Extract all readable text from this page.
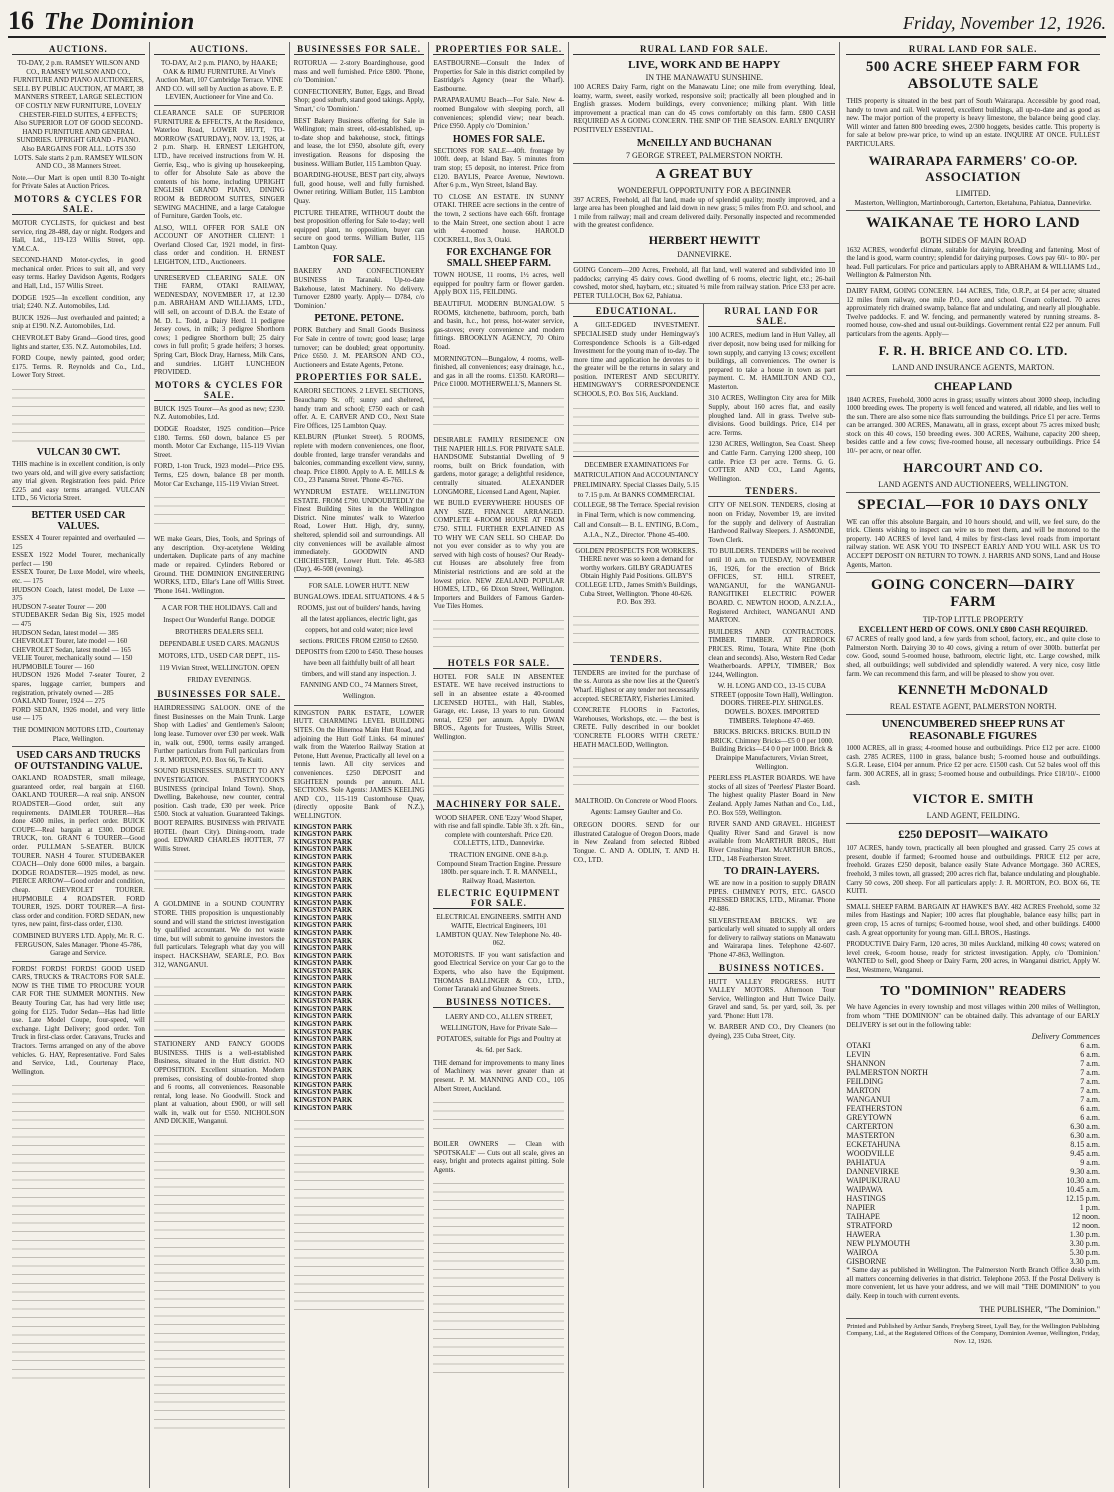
16 The Dominion	Friday, November 12, 1926.
AUCTIONS.

TO-DAY, 2 p.m. RAMSEY WILSON AND CO., RAMSEY WILSON AND CO., FURNITURE AND PIANO AUCTIONEERS, SELL BY PUBLIC AUCTION, AT MART, 38 MANNERS STREET, LARGE SELECTION OF COSTLY NEW FURNITURE, LOVELY CHESTER-FIELD SUITES, 4 EFFECTS; Also SUPERIOR LOT OF GOOD SECOND-HAND FURNITURE AND GENERAL SUNDRIES. UPRIGHT GRAND - PIANO. Also BARGAINS FOR ALL. LOTS 350 LOTS. Sale starts 2 p.m. RAMSEY WILSON AND CO., 38 Manners Street.

Note.—Our Mart is open until 8.30 To-night for Private Sales at Auction Prices.

MOTORS & CYCLES FOR SALE.

MOTOR CYCLISTS, for quickest and best service, ring 28-488, day or night. Rodgers and Hall, Ltd., 119-123 Willis Street, opp. Y.M.C.A.

SECOND-HAND Motor-cycles, in good mechanical order. Prices to suit all, and very easy terms. Harley Davidson Agents, Rodgers and Hall, Ltd., 157 Willis Street.

DODGE 1925—In excellent condition, any trial; £240. N.Z. Automobiles, Ltd.

BUICK 1926—Just overhauled and painted; a snip at £190. N.Z. Automobiles, Ltd.

CHEVROLET Baby Grand—Good tires, good lights and starter, £35. N.Z. Automobiles, Ltd.

FORD Coupe, newly painted, good order; £175. Terms. R. Reynolds and Co., Ltd., Lower Tory Street.

VULCAN 30 CWT.

THIS machine is in excellent condition, is only two years old, and will give every satisfaction; any trial given. Registration fees paid. Price £225 and easy terms arranged. VULCAN LTD., 56 Victoria Street.

BETTER USED CAR VALUES.
ESSEX 4 Tourer repainted and overhauled — 125
ESSEX 1922 Model Tourer, mechanically perfect — 190
ESSEX Tourer, De Luxe Model, wire wheels, etc. — 175
HUDSON Coach, latest model, De Luxe — 375
HUDSON 7-seater Tourer — 200
STUDEBAKER Sedan Big Six, 1925 model — 475
HUDSON Sedan, latest model — 385
CHEVROLET Tourer, late model — 160
CHEVROLET Sedan, latest model — 165
VELIE Tourer, mechanically sound — 150
HUPMOBILE Tourer — 160
HUDSON 1926 Model 7-seater Tourer, 2 spares, luggage carrier, bumpers and registration, privately owned — 285
OAKLAND Tourer, 1924 — 275
FORD SEDAN, 1926 model, and very little use — 175

THE DOMINION MOTORS LTD., Courtenay Place, Wellington.

USED CARS AND TRUCKS OF OUTSTANDING VALUE.

OAKLAND ROADSTER, small mileage, guaranteed order, real bargain at £160. OAKLAND TOURER—A real snip. ANSON ROADSTER—Good order, suit any requirements. DAIMLER TOURER—Has done 4500 miles, in perfect order. BUICK COUPE—Real bargain at £300. DODGE TRUCK, ton. GRANT 6 TOURER—Good order. PULLMAN 5-SEATER. BUICK TOURER. NASH 4 Tourer. STUDEBAKER COACH—Only done 6000 miles, a bargain. DODGE ROADSTER—1925 model, as new. PIERCE ARROW—Good order and condition, cheap. CHEVROLET TOURER. HUPMOBILE 4 ROADSTER. FORD TOURER, 1925. DORT TOURER—A first-class order and condition. FORD SEDAN, new tyres, new paint, first-class order, £130.

COMBINED BUYERS LTD. Apply, Mr. R. C. FERGUSON, Sales Manager. 'Phone 45-786, Garage and Service.

FORDS! FORDS! FORDS! GOOD USED CARS, TRUCKS & TRACTORS FOR SALE. NOW IS THE TIME TO PROCURE YOUR CAR FOR THE SUMMER MONTHS. New Beauty Touring Car, has had very little use; going for £125. Tudor Sedan—Has had little use. Late Model Coupe, four-speed, will exchange. Light Delivery; good order. Ton Truck in first-class order. Caravans, Trucks and Tractors. Terms arranged on any of the above vehicles. G. HAY, Representative. Ford Sales and Service, Ltd., Courtenay Place, Wellington.

AUCTIONS.

TO-DAY, At 2 p.m. PIANO, by HAAKE; OAK & RIMU FURNITURE. At Vine's Auction Mart, 107 Cambridge Terrace. VINE AND CO. will sell by Auction as above. E. P. LEVIEN, Auctioneer for Vine and Co.

CLEARANCE SALE OF SUPERIOR FURNITURE & EFFECTS, At the Residence, Waterloo Road, LOWER HUTT, TO-MORROW (SATURDAY), NOV. 13, 1926, at 2 p.m. Sharp. H. ERNEST LEIGHTON, LTD., have received instructions from W. H. Gerrie, Esq., who is giving up housekeeping, to offer for Absolute Sale as above the contents of his home, including UPRIGHT ENGLISH GRAND PIANO, DINING ROOM & BEDROOM SUITES, SINGER SEWING MACHINE, and a large Catalogue of Furniture, Garden Tools, etc.

ALSO, WILL OFFER FOR SALE ON ACCOUNT OF ANOTHER CLIENT: 1 Overland Closed Car, 1921 model, in first-class order and condition. H. ERNEST LEIGHTON, LTD., Auctioneers.

UNRESERVED CLEARING SALE. ON THE FARM, OTAKI RAILWAY, WEDNESDAY, NOVEMBER 17, at 12.30 p.m. ABRAHAM AND WILLIAMS, LTD., will sell, on account of D.B.A. the Estate of M. D. L. Todd, a Dairy Herd. 11 pedigree Jersey cows, in milk; 3 pedigree Shorthorn cows; 1 pedigree Shorthorn bull; 25 dairy cows in full profit; 5 grade heifers; 3 horses. Spring Cart, Block Dray, Harness, Milk Cans, and sundries. LIGHT LUNCHEON PROVIDED.

MOTORS & CYCLES FOR SALE.

BUICK 1925 Tourer—As good as new; £230. N.Z. Automobiles, Ltd.

DODGE Roadster, 1925 condition—Price £180. Terms. £60 down, balance £5 per month. Motor Car Exchange, 115-119 Vivian Street.

FORD, 1-ton Truck, 1923 model—Price £95. Terms, £25 down, balance £8 per month. Motor Car Exchange, 115-119 Vivian Street.

WE make Gears, Dies, Tools, and Springs of any description. Oxy-acetylene Welding undertaken. Duplicate parts of any machine made or repaired. Cylinders Rebored or Ground. THE DOMINION ENGINEERING WORKS, LTD., Ellar's Lane off Willis Street. 'Phone 1641. Wellington.

A CAR FOR THE HOLIDAYS. Call and Inspect Our Wonderful Range. DODGE BROTHERS DEALERS SELL DEPENDABLE USED CARS. MAGNUS MOTORS, LTD., USED CAR DEPT., 115-119 Vivian Street, WELLINGTON. OPEN FRIDAY EVENINGS.

BUSINESSES FOR SALE.

HAIRDRESSING SALOON. ONE of the finest Businesses on the Main Trunk. Large Shop with Ladies' and Gentlemen's Saloon; long lease. Turnover over £30 per week. Walk in, walk out, £900, terms easily arranged. Further particulars from Full particulars from J. R. MORTON, P.O. Box 66, Te Kuiti.

SOUND BUSINESSES. SUBJECT TO ANY INVESTIGATION. PASTRYCOOK'S BUSINESS (principal Inland Town). Shop, Dwelling, Bakehouse, new counter, central position. Cash trade, £30 per week. Price £500. Stock at valuation. Guaranteed Takings. BOOT REPAIRS. BUSINESS with PRIVATE HOTEL (heart City). Dining-room, trade good. EDWARD CHARLES HOTTER, 77 Willis Street.

A GOLDMINE in a SOUND COUNTRY STORE. THIS proposition is unquestionably sound and will stand the strictest investigation by qualified accountant. We do not waste time, but will submit to genuine investors the full particulars. Telegraph what day you will inspect. HACKSHAW, SEARLE, P.O. Box 312, WANGANUI.

STATIONERY AND FANCY GOODS BUSINESS. THIS is a well-established Business, situated in the Hutt district. NO OPPOSITION. Excellent situation. Modern premises, consisting of double-fronted shop and 6 rooms, all conveniences. Reasonable rental, long lease. No Goodwill. Stock and plant at valuation, about £900, or will sell walk in, walk out for £550. NICHOLSON AND DICKIE, Wanganui.

BUSINESSES FOR SALE.

ROTORUA — 2-story Boardinghouse, good mass and well furnished. Price £800. 'Phone, c/o 'Dominion.'

CONFECTIONERY, Butter, Eggs, and Bread Shop; good suburb, stand good takings. Apply, 'Smart,' c/o 'Dominion.'

BEST Bakery Business offering for Sale in Wellington; main street, old-established, up-to-date shop and bakehouse, stock, fittings and lease, the lot £950, absolute gift, every investigation. Reasons for disposing the business. William Butler, 115 Lambton Quay.

BOARDING-HOUSE, BEST part city, always full, good house, well and fully furnished. Owner retiring. William Butler, 115 Lambton Quay.

PICTURE THEATRE, WITHOUT doubt the best proposition offering for Sale to-day; well equipped plant, no opposition, buyer can secure on good terms. William Butler, 115 Lambton Quay.

FOR SALE.

BAKERY AND CONFECTIONERY BUSINESS in Taranaki. Up-to-date Bakehouse, latest Machinery. No delivery. Turnover £2800 yearly. Apply— D784, c/o 'Dominion.'

PETONE. PETONE.

PORK Butchery and Small Goods Business For Sale in centre of town; good lease; large turnover; can be doubled; great opportunity. Price £650. J. M. PEARSON AND CO., Auctioneers and Estate Agents, Petone.

PROPERTIES FOR SALE.

KARORI SECTIONS. 2 LEVEL SECTIONS, Beauchamp St. off; sunny and sheltered, handy tram and school; £750 each or cash offer. A. E. CARVER AND CO., Next State Fire Offices, 125 Lambton Quay.

KELBURN (Plunket Street). 5 ROOMS, replete with modern conveniences, one floor, double fronted, large transfer verandahs and balconies, commanding excellent view, sunny, cheap. Price £1800. Apply to A. E. MILLS & CO., 23 Panama Street. 'Phone 45-765.

WYNDRUM ESTATE. WELLINGTON ESTATE. FROM £790. UNDOUBTEDLY the Finest Building Sites in the Wellington District. Nine minutes' walk to Waterloo Road, Lower Hutt. High, dry, sunny, sheltered, splendid soil and surroundings. All city conveniences will be available almost immediately. GOODWIN AND CHICHESTER, Lower Hutt. Tele. 46-583 (Day), 46-508 (evening).

FOR SALE. LOWER HUTT. NEW BUNGALOWS. IDEAL SITUATIONS. 4 & 5 ROOMS, just out of builders' hands, having all the latest appliances, electric light, gas coppers, hot and cold water; nice level sections. PRICES FROM £2050 to £2650. DEPOSITS from £200 to £450. These houses have been all faithfully built of all heart timbers, and will stand any inspection. J. FANNING AND CO., 74 Manners Street, Wellington.

KINGSTON PARK ESTATE, LOWER HUTT. CHARMING LEVEL BUILDING SITES. On the Hinemoa Main Hutt Road, and adjoining the Hutt Golf Links. 64 minutes' walk from the Waterloo Railway Station at Petone, Hutt Avenue, Practically all level on a tennis lawn. All city services and conveniences. £250 DEPOSIT and EIGHTEEN pounds per annum. ALL SECTIONS. Sole Agents: JAMES KEELING AND CO., 115-119 Customhouse Quay, (directly opposite Bank of N.Z.), WELLINGTON.

KINGSTON PARK
KINGSTON PARK
KINGSTON PARK
KINGSTON PARK
KINGSTON PARK
KINGSTON PARK
KINGSTON PARK
KINGSTON PARK
KINGSTON PARK
KINGSTON PARK
KINGSTON PARK
KINGSTON PARK
KINGSTON PARK
KINGSTON PARK
KINGSTON PARK
KINGSTON PARK
KINGSTON PARK
KINGSTON PARK
KINGSTON PARK
KINGSTON PARK
KINGSTON PARK
KINGSTON PARK
KINGSTON PARK
KINGSTON PARK
KINGSTON PARK
KINGSTON PARK
KINGSTON PARK
KINGSTON PARK
KINGSTON PARK
KINGSTON PARK
KINGSTON PARK
KINGSTON PARK
KINGSTON PARK
KINGSTON PARK
KINGSTON PARK
KINGSTON PARK
KINGSTON PARK
KINGSTON PARK
PROPERTIES FOR SALE.

EASTBOURNE—Consult the Index of Properties for Sale in this district compiled by Eastridge's Agency (near the Wharf). Eastbourne.

PARAPARAUMU Beach—For Sale. New 4-roomed Bungalow with sleeping porch, all conveniences; splendid view; near beach. Price £950. Apply c/o 'Dominion.'

HOMES FOR SALE.

SECTIONS FOR SALE—40ft. frontage by 100ft. deep, at Island Bay. 5 minutes from tram stop; £5 deposit, no interest. Price from £120. BAYLIS, Pearce Avenue, Newtown. After 6 p.m., Wyn Street, Island Bay.

TO CLOSE AN ESTATE. IN SUNNY OTAKI. THREE acre sections in the centre of the town, 2 sections have each 66ft. frontage to the Main Street, one section about 1 acre with 4-roomed house. HAROLD COCKRELL, Box 3, Otaki.

FOR EXCHANGE FOR SMALL SHEEP FARM.

TOWN HOUSE, 11 rooms, 1½ acres, well equipped for poultry farm or flower garden. Apply BOX 115, FEILDING.

BEAUTIFUL MODERN BUNGALOW. 5 ROOMS, kitchenette, bathroom, porch, bath and basin, h.c., hot press, hot-water service, gas-stoves; every convenience and modern fittings. BROOKLYN AGENCY, 70 Ohiro Road.

MORNINGTON—Bungalow, 4 rooms, well-finished, all conveniences; easy drainage, h.c., and gas in all the rooms. £1350. KARORI—Price £1000. MOTHERWELL'S, Manners St.

DESIRABLE FAMILY RESIDENCE ON THE NAPIER HILLS. FOR PRIVATE SALE. HANDSOME Substantial Dwelling of 9 rooms, built on Brick foundation, with gardens, motor garage; a delightful residence, centrally situated. ALEXANDER LONGMORE, Licensed Land Agent, Napier.

WE BUILD EVERYWHERE HOUSES OF ANY SIZE. FINANCE ARRANGED. COMPLETE 4-ROOM HOUSE AT FROM £750. STILL FURTHER EXPLAINED AS TO WHY WE CAN SELL SO CHEAP. Do not you ever consider as to why you are served with high costs of houses? Our Ready-cut Houses are absolutely free from Ministerial restrictions and are sold at the lowest price. NEW ZEALAND POPULAR HOMES, LTD., 66 Dixon Street, Wellington. Importers and Builders of Famous Garden-Vue Tiles Homes.

HOTELS FOR SALE.

HOTEL FOR SALE IN ABSENTEE ESTATE. WE have received instructions to sell in an absentee estate a 40-roomed LICENSED HOTEL, with Hall, Stables, Garage, etc. Lease, 13 years to run. Ground rental, £250 per annum. Apply DWAN BROS., Agents for Trustees, Willis Street, Wellington.

MACHINERY FOR SALE.

WOOD SHAPER. ONE 'Ezzy' Wood Shaper, with rise and fall spindle. Table 3ft. x 2ft. 6in., complete with countershaft. Price £20. COLLETTS, LTD., Dannevirke.

TRACTION ENGINE. ONE 8-h.p. Compound Steam Traction Engine. Pressure 180lb. per square inch. T. R. MANNELL, Railway Road, Masterton.

ELECTRIC EQUIPMENT FOR SALE.

ELECTRICAL ENGINEERS. SMITH AND WAITE, Electrical Engineers, 101 LAMBTON QUAY. New Telephone No. 40-062.

MOTORISTS. IF you want satisfaction and good Electrical Service on your Car go to the Experts, who also have the Equipment. THOMAS BALLINGER & CO., LTD., Corner Taranaki and Ghuznee Streets.

BUSINESS NOTICES.

LAERY AND CO., ALLEN STREET, WELLINGTON, Have for Private Sale— POTATOES, suitable for Pigs and Poultry at 4s. 6d. per Sack.

THE demand for improvements to many lines of Machinery was never greater than at present. P. M. MANNING AND CO., 105 Albert Street, Auckland.

BOILER OWNERS — Clean with 'SPOTSKALE' — Cuts out all scale, gives an easy, bright and protects against pitting. Sole Agents.

RURAL LAND FOR SALE.
LIVE, WORK AND BE HAPPY
IN THE MANAWATU SUNSHINE.

100 ACRES Dairy Farm, right on the Manawatu Line; one mile from everything. Ideal, loamy, warm, sweet, easily worked, responsive soil; practically all been ploughed and in English grasses. Modern buildings, every convenience; milking plant. With little improvement a practical man can do 45 cows comfortably on this farm. £800 CASH REQUIRED AS A GOING CONCERN. THE SNIP OF THE SEASON. EARLY ENQUIRY POSITIVELY ESSENTIAL.

McNEILLY AND BUCHANAN
7 GEORGE STREET, PALMERSTON NORTH.
A GREAT BUY
WONDERFUL OPPORTUNITY FOR A BEGINNER

397 ACRES, Freehold, all flat land, made up of splendid quality; mostly improved, and a large area has been ploughed and laid down in new grass; 5 miles from P.O. and school, and 1 mile from railway; mail and cream delivered daily. Personally inspected and recommended with the greatest confidence.

HERBERT HEWITT
DANNEVIRKE.

GOING Concern—200 Acres, Freehold, all flat land, well watered and subdivided into 10 paddocks; carrying 45 dairy cows. Good dwelling of 6 rooms, electric light, etc.; 26-bail cowshed, motor shed, haybarn, etc.; situated ½ mile from railway station. Price £33 per acre. PETER TULLOCH, Box 62, Pahiatua.

EDUCATIONAL.

A GILT-EDGED INVESTMENT. SPECIALISED study under Hemingway's Correspondence Schools is a Gilt-edged Investment for the young man of to-day. The more time and application he devotes to it the greater will be the returns in salary and position. INTEREST AND SECURITY. HEMINGWAY'S CORRESPONDENCE SCHOOLS, P.O. Box 516, Auckland.

DECEMBER EXAMINATIONS For MATRICULATION And ACCOUNTANCY PRELIMINARY. Special Classes Daily, 5.15 to 7.15 p.m. At BANKS COMMERCIAL COLLEGE, 98 The Terrace. Special revision in Final Term, which is now commencing. Call and Consult— B. L. ENTING, B.Com., A.I.A., N.Z., Director. 'Phone 45-400.

GOLDEN PROSPECTS FOR WORKERS. THERE never was so keen a demand for worthy workers. GILBY GRADUATES Obtain Highly Paid Positions. GILBY'S COLLEGE LTD., James Smith's Buildings, Cuba Street, Wellington. 'Phone 40-626. P.O. Box 393.

TENDERS.

TENDERS are invited for the purchase of the ss. Aurora as she now lies at the Queen's Wharf. Highest or any tender not necessarily accepted. SECRETARY, Fisheries Limited.

CONCRETE FLOORS in Factories, Warehouses, Workshops, etc. — the best is CRETE. Fully described in our booklet 'CONCRETE FLOORS WITH CRETE.' HEATH MACLEOD, Wellington.

MALTROID. On Concrete or Wood Floors. Agents: Lamsey Gaulter and Co.

OREGON DOORS. SEND for our illustrated Catalogue of Oregon Doors, made in New Zealand from selected Ribbed Tongue. C. AND A. ODLIN, T. AND H. CO., LTD.

RURAL LAND FOR SALE.

100 ACRES, medium land in Hutt Valley, all river deposit, now being used for milking for town supply, and carrying 13 cows; excellent buildings, all conveniences. The owner is prepared to take a house in town as part payment. C. M. HAMILTON AND CO., Masterton.

310 ACRES, Wellington City area for Milk Supply, about 160 acres flat, and easily ploughed land. All in grass. Twelve sub-divisions. Good buildings. Price, £14 per acre. Terms.

1230 ACRES, Wellington, Sea Coast. Sheep and Cattle Farm. Carrying 1200 sheep, 100 cattle. Price £3 per acre. Terms. G. G. COTTER AND CO., Land Agents, Wellington.

TENDERS.

CITY OF NELSON. TENDERS, closing at noon on Friday, November 19, are invited for the supply and delivery of Australian Hardwood Railway Sleepers. J. ASMONDE, Town Clerk.

TO BUILDERS. TENDERS will be received until 10 a.m. on TUESDAY, NOVEMBER 16, 1926, for the erection of Brick OFFICES, ST. HILL STREET, WANGANUI, for the WANGANUI-RANGITIKEI ELECTRIC POWER BOARD. C. NEWTON HOOD, A.N.Z.I.A., Registered Architect, WANGANUI AND MARTON.

BUILDERS AND CONTRACTORS. TIMBER. TIMBER. AT REDROCK PRICES. Rimu, Totara, White Pine (both clean and seconds). Also, Western Red Cedar Weatherboards. APPLY, 'TIMBER,' Box 1244, Wellington.

W. H. LONG AND CO., 13-15 CUBA STREET (opposite Town Hall), Wellington. DOORS. THREE-PLY. SHINGLES. DOWELS. BOXES. IMPORTED TIMBERS. Telephone 47-469.

BRICKS. BRICKS. BRICKS. BUILD IN BRICK. Chimney Bricks—£5 0 0 per 1000. Building Bricks—£4 0 0 per 1000. Brick & Drainpipe Manufacturers, Vivian Street, Wellington.

PEERLESS PLASTER BOARDS. WE have stocks of all sizes of 'Peerless' Plaster Board. The highest quality Plaster Board in New Zealand. Apply James Nathan and Co., Ltd., P.O. Box 559, Wellington.

RIVER SAND AND GRAVEL. HIGHEST Quality River Sand and Gravel is now available from McARTHUR BROS., Hutt River Crushing Plant. McARTHUR BROS., LTD., 148 Featherston Street.

TO DRAIN-LAYERS.

WE are now in a position to supply DRAIN PIPES. CHIMNEY POTS, ETC. GASCO PRESSED BRICKS, LTD., Miramar. 'Phone 42-886.

SILVERSTREAM BRICKS. WE are particularly well situated to supply all orders for delivery to railway stations on Manawatu and Wairarapa lines. Telephone 42-607. 'Phone 47-863, Wellington.

BUSINESS NOTICES.

HUTT VALLEY PROGRESS. HUTT VALLEY MOTORS. Afternoon Tour Service, Wellington and Hutt Twice Daily. Gravel and sand, 5s. per yard, soil, 3s. per yard. 'Phone: Hutt 178.

W. BARBER AND CO., Dry Cleaners (no dyeing), 235 Cuba Street, City.

RURAL LAND FOR SALE.
500 ACRE SHEEP FARM FOR ABSOLUTE SALE

THIS property is situated in the best part of South Wairarapa. Accessible by good road, handy to town and rail. Well watered, excellent buildings, all up-to-date and as good as new. The major portion of the property is heavy limestone, the balance being good clay. Will winter and fatten 800 breeding ewes, 2/300 hoggets, besides cattle. This property is for sale at below pre-war price, to wind up an estate. INQUIRE AT ONCE. FULLEST PARTICULARS.

WAIRARAPA FARMERS' CO-OP. ASSOCIATION
LIMITED.
Masterton, Wellington, Martinborough, Carterton, Eketahuna, Pahiatua, Dannevirke.
WAIKANAE TE HORO LAND
BOTH SIDES OF MAIN ROAD

1632 ACRES, wonderful climate, suitable for dairying, breeding and fattening. Most of the land is good, warm country; splendid for dairying purposes. Cows pay 60/- to 80/- per head. Full particulars. For price and particulars apply to ABRAHAM & WILLIAMS Ltd., Wellington & Palmerston Nth.

DAIRY FARM, GOING CONCERN. 144 ACRES, Title, O.R.P., at £4 per acre; situated 12 miles from railway, one mile P.O., store and school. Cream collected. 70 acres approximately rich drained swamp, balance flat and undulating, and nearly all ploughable. Twelve paddocks. F. and W. fencing, and permanently watered by running streams. 8-roomed house, cow-shed and usual out-buildings. Government rental £22 per annum. Full particulars from the agents. Apply—

F. R. H. BRICE AND CO. LTD.
LAND AND INSURANCE AGENTS, MARTON.
CHEAP LAND

1840 ACRES, Freehold, 3000 acres in grass; usually winters about 3000 sheep, including 1000 breeding ewes. The property is well fenced and watered, all ridable, and lies well to the sun. There are also some nice flats surrounding the buildings. Price £1 per acre. Terms can be arranged. 300 ACRES, Manawatu, all in grass, except about 75 acres mixed bush; stock on this 40 cows, 150 breeding ewes. 300 ACRES, Waihune, capacity 200 sheep, besides cattle and a few cows; five-roomed house, all necessary outbuildings. Price £4 10/- per acre, or near offer.

HARCOURT AND CO.
LAND AGENTS AND AUCTIONEERS, WELLINGTON.
SPECIAL—FOR 10 DAYS ONLY

WE can offer this absolute Bargain, and 10 hours should, and will, we feel sure, do the trick. Clients wishing to inspect can wire us to meet them, and will be motored to the property. 140 ACRES of level land, 4 miles by first-class level roads from important railway station. WE ASK YOU TO INSPECT EARLY AND YOU WILL ASK US TO ACCEPT DEPOSIT ON RETURN TO TOWN. J. HARRIS AND SONS, Land and House Agents, Marton.

GOING CONCERN—DAIRY FARM
TIP-TOP LITTLE PROPERTY
EXCELLENT HERD OF COWS. ONLY £800 CASH REQUIRED.

67 ACRES of really good land, a few yards from school, factory, etc., and quite close to Palmerston North. Dairying 30 to 40 cows, giving a return of over 300lb. butterfat per cow. Good, sound 5-roomed house, bathroom, electric light, etc. Large cowshed, milk shed, all outbuildings; well subdivided and splendidly watered. A very nice, cosy little farm. We can recommend this farm, and will be pleased to show you over.

KENNETH McDONALD
REAL ESTATE AGENT, PALMERSTON NORTH.
UNENCUMBERED SHEEP RUNS AT REASONABLE FIGURES

1000 ACRES, all in grass; 4-roomed house and outbuildings. Price £12 per acre. £1000 cash. 2785 ACRES, 1100 in grass, balance bush; 5-roomed house and outbuildings. S.G.R. Lease, £104 per annum. Price £2 per acre. £1500 cash. Cut 52 bales wool off this farm. 300 ACRES, all in grass; 5-roomed house and outbuildings. Price £18/10/-. £1000 cash.

VICTOR E. SMITH
LAND AGENT, FEILDING.
£250 DEPOSIT—WAIKATO

107 ACRES, handy town, practically all been ploughed and grassed. Carry 25 cows at present, double if farmed; 6-roomed house and outbuildings. PRICE £12 per acre, freehold. Grazes £250 deposit, balance easily State Advance Mortgage. 360 ACRES, freehold, 3 miles town, all grassed; 200 acres rich flat, balance undulating and ploughable. Carry 50 cows, 200 sheep. For all particulars apply: J. R. MORTON, P.O. BOX 66, TE KUITI.

SMALL SHEEP FARM. BARGAIN AT HAWKE'S BAY. 482 ACRES Freehold, some 32 miles from Hastings and Napier; 100 acres flat ploughable, balance easy hills; part in green crop, 15 acres of turnips; 6-roomed house, wool shed, and other buildings. £4000 cash. A great opportunity for young man. GILL BROS., Hastings.

PRODUCTIVE Dairy Farm, 120 acres, 30 miles Auckland, milking 40 cows; watered on level creek, 6-room house, ready for strictest investigation. Apply, c/o 'Dominion.' WANTED to Sell, good Sheep or Dairy Farm, 200 acres, in Wanganui district, Apply W. Best, Westmere, Wanganui.

TO "DOMINION" READERS

We have Agencies in every township and most villages within 200 miles of Wellington, from whom "THE DOMINION" can be obtained daily. This advantage of our EARLY DELIVERY is set out in the following table:

Delivery Commences
OTAKI	6 a.m.
LEVIN	6 a.m.
SHANNON	7 a.m.
PALMERSTON NORTH	7 a.m.
FEILDING	7 a.m.
MARTON	7 a.m.
WANGANUI	7 a.m.
FEATHERSTON	6 a.m.
GREYTOWN	6 a.m.
CARTERTON	6.30 a.m.
MASTERTON	6.30 a.m.
ECKETAHUNA	8.15 a.m.
WOODVILLE	9.45 a.m.
PAHIATUA	9 a.m.
DANNEVIRKE	9.30 a.m.
WAIPUKURAU	10.30 a.m.
WAIPAWA	10.45 a.m.
HASTINGS	12.15 p.m.
NAPIER	1 p.m.
TAIHAPE	12 noon.
STRATFORD	12 noon.
HAWERA	1.30 p.m.
NEW PLYMOUTH	3.30 p.m.
WAIROA	5.30 p.m.
GISBORNE	3.30 p.m.

* Same day as published in Wellington. The Palmerston North Branch Office deals with all matters concerning deliveries in that district. Telephone 2053. If the Postal Delivery is more convenient, let us have your address, and we will mail "THE DOMINION" to you daily. Keep in touch with current events.

THE PUBLISHER, "The Dominion."
Printed and Published by Arthur Sands, Freyberg Street, Lyall Bay, for the Wellington Publishing Company, Ltd., at the Registered Offices of the Company, Dominion Avenue, Wellington, Friday, Nov. 12, 1926.
